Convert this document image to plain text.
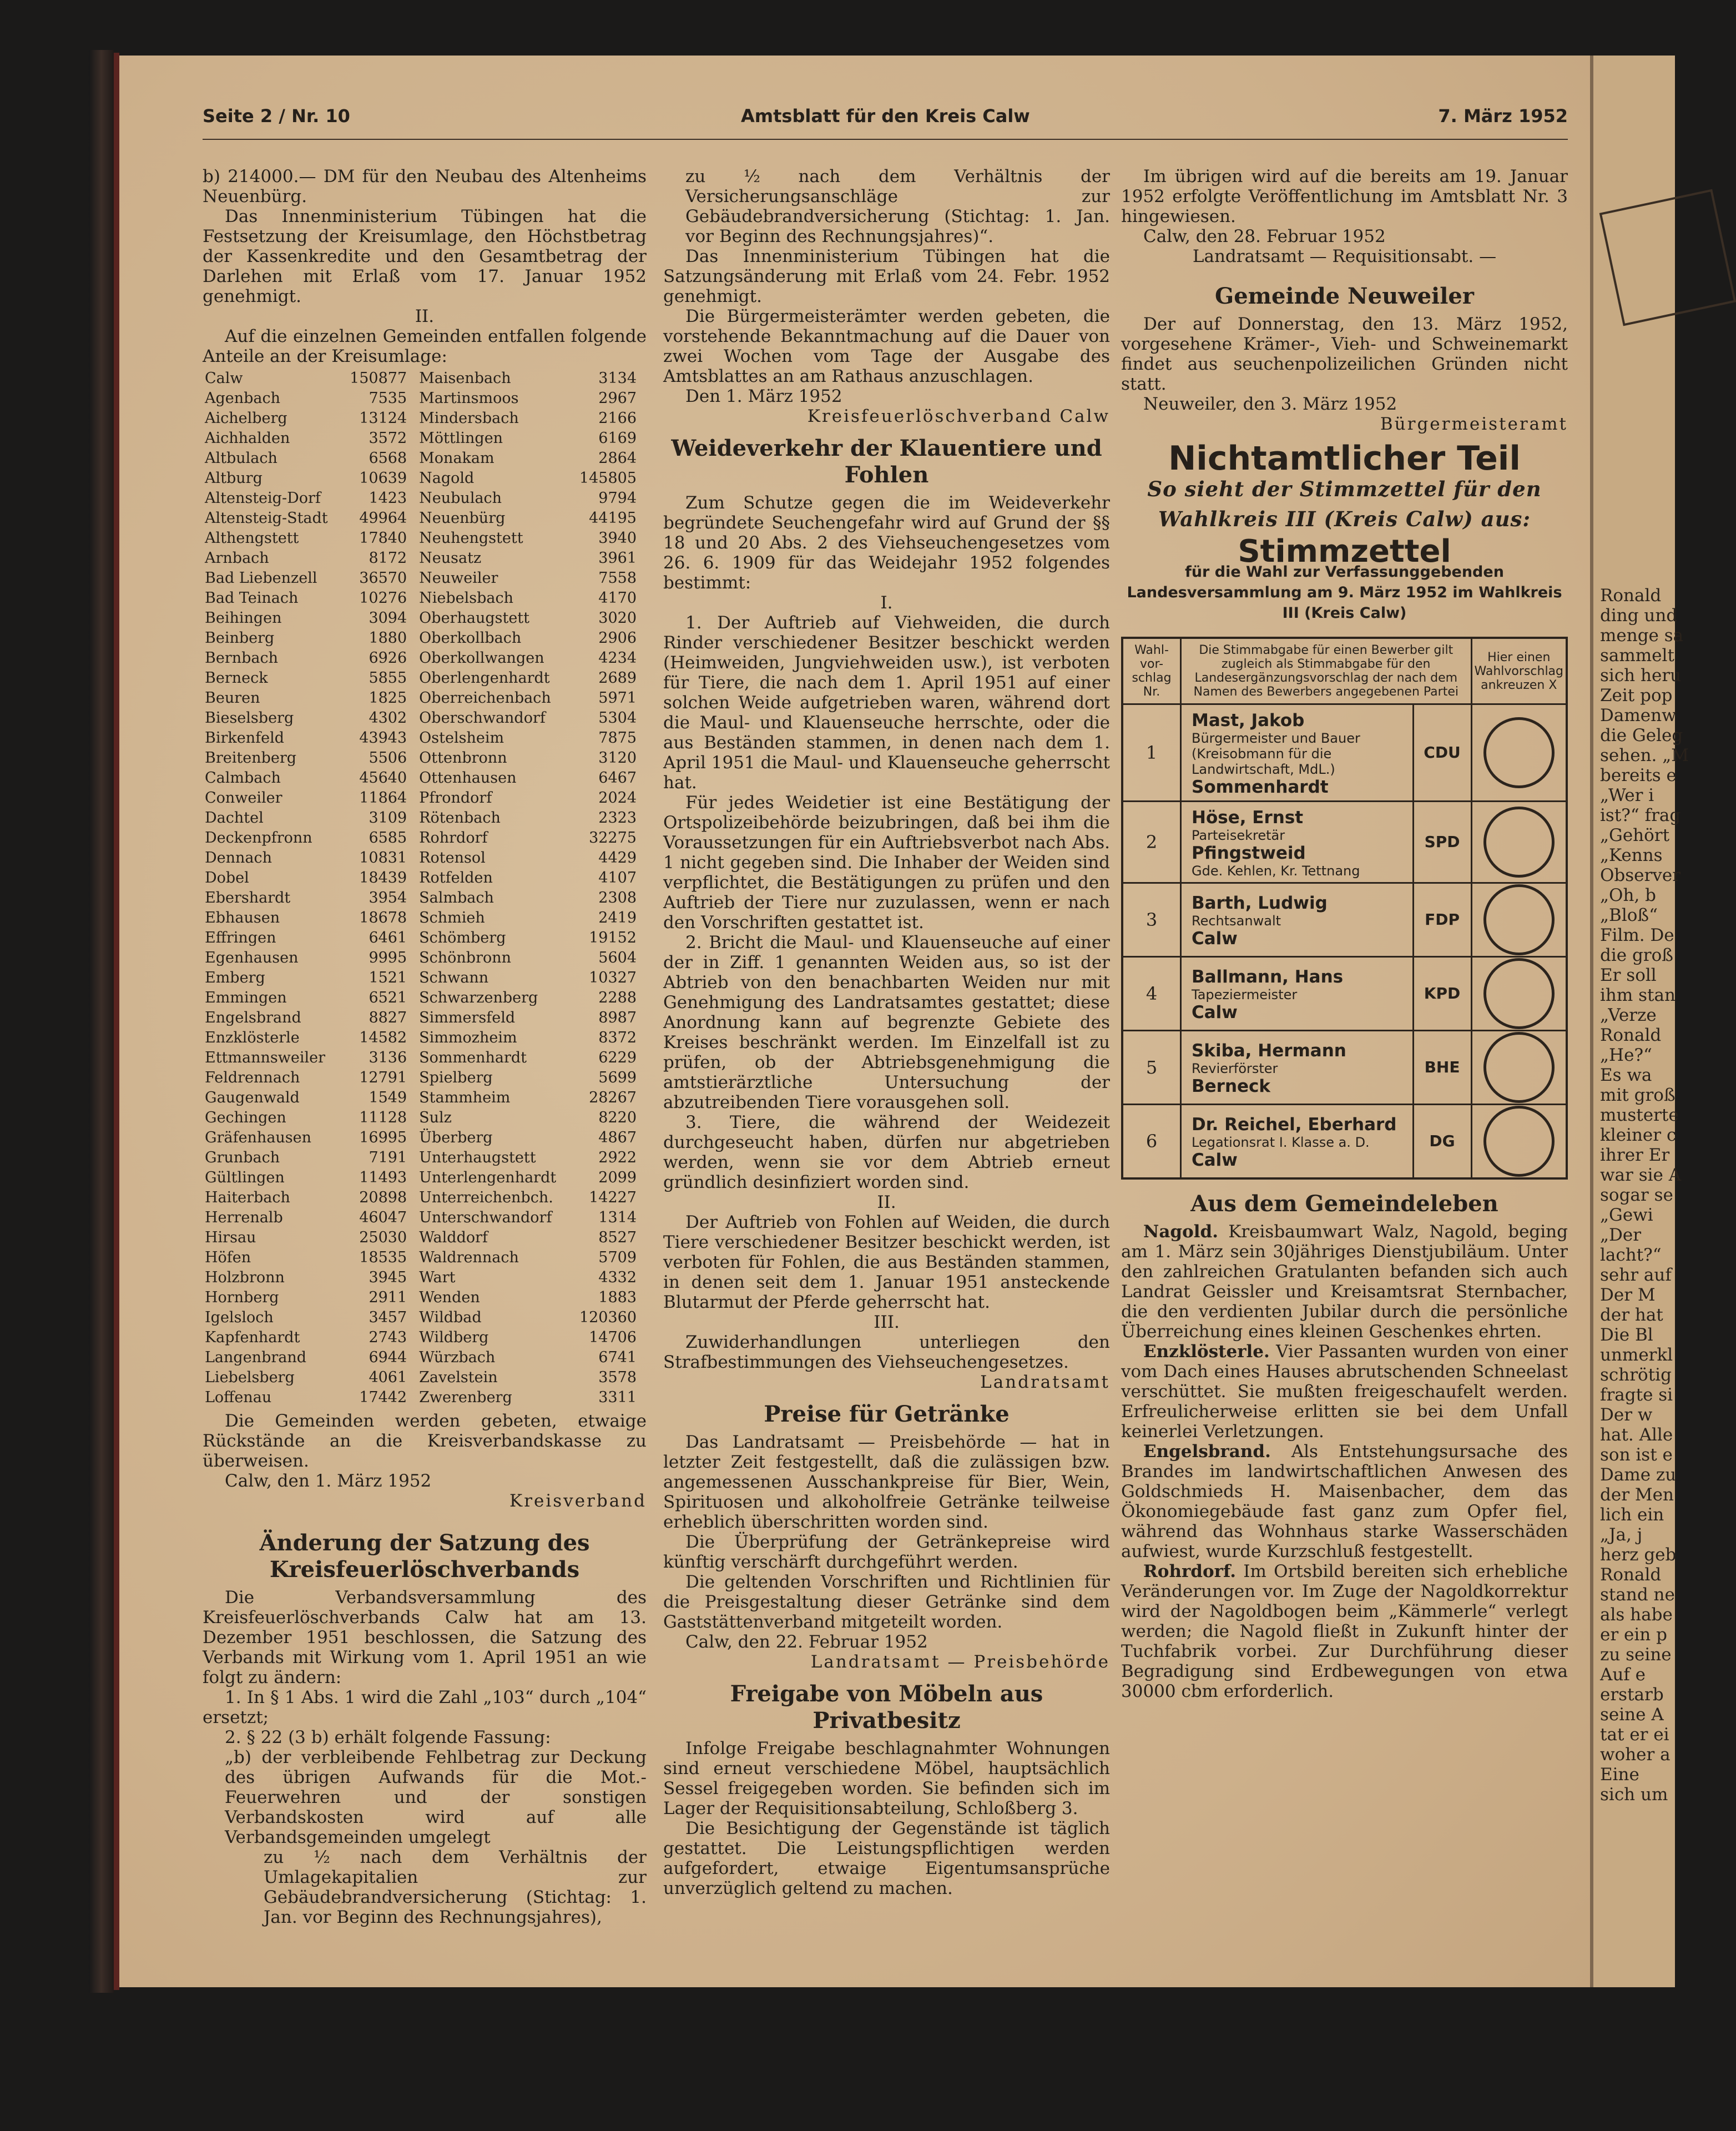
Ronald

ding und

menge sa

sammelt

sich heru

Zeit pop

Damenw

die Geleg

sehen. „M

bereits e

„Wer i

ist?“ frag

„Gehört

„Kenns

Observer

„Oh, b

„Bloß“

Film. De

die groß

Er soll

ihm stan

„Verze

Ronald

„He?“

Es wa

mit groß

musterte

kleiner c

ihrer Er

war sie A

sogar se

„Gewi

„Der

lacht?“

sehr auf

Der M

der hat

Die Bl

unmerkl

schrötig

fragte si

Der w

hat. Alle

son ist e

Dame zu

der Men

lich ein

„Ja, j

herz geb

Ronald

stand ne

als habe

er ein p

zu seine

Auf e

erstarb

seine A

tat er ei

woher a

Eine

sich um

Seite 2 / Nr. 10	Amtsblatt für den Kreis Calw	7. März 1952

b) 214000.— DM für den Neubau des Altenheims Neuenbürg.

Das Innenministerium Tübingen hat die Festsetzung der Kreisumlage, den Höchstbetrag der Kassenkredite und den Gesamtbetrag der Darlehen mit Erlaß vom 17. Januar 1952 genehmigt.

II.

Auf die einzelnen Gemeinden entfallen folgende Anteile an der Kreisumlage:

Calw	150877	Maisenbach	3134
Agenbach	7535	Martinsmoos	2967
Aichelberg	13124	Mindersbach	2166
Aichhalden	3572	Möttlingen	6169
Altbulach	6568	Monakam	2864
Altburg	10639	Nagold	145805
Altensteig-Dorf	1423	Neubulach	9794
Altensteig-Stadt	49964	Neuenbürg	44195
Althengstett	17840	Neuhengstett	3940
Arnbach	8172	Neusatz	3961
Bad Liebenzell	36570	Neuweiler	7558
Bad Teinach	10276	Niebelsbach	4170
Beihingen	3094	Oberhaugstett	3020
Beinberg	1880	Oberkollbach	2906
Bernbach	6926	Oberkollwangen	4234
Berneck	5855	Oberlengenhardt	2689
Beuren	1825	Oberreichenbach	5971
Bieselsberg	4302	Oberschwandorf	5304
Birkenfeld	43943	Ostelsheim	7875
Breitenberg	5506	Ottenbronn	3120
Calmbach	45640	Ottenhausen	6467
Conweiler	11864	Pfrondorf	2024
Dachtel	3109	Rötenbach	2323
Deckenpfronn	6585	Rohrdorf	32275
Dennach	10831	Rotensol	4429
Dobel	18439	Rotfelden	4107
Ebershardt	3954	Salmbach	2308
Ebhausen	18678	Schmieh	2419
Effringen	6461	Schömberg	19152
Egenhausen	9995	Schönbronn	5604
Emberg	1521	Schwann	10327
Emmingen	6521	Schwarzenberg	2288
Engelsbrand	8827	Simmersfeld	8987
Enzklösterle	14582	Simmozheim	8372
Ettmannsweiler	3136	Sommenhardt	6229
Feldrennach	12791	Spielberg	5699
Gaugenwald	1549	Stammheim	28267
Gechingen	11128	Sulz	8220
Gräfenhausen	16995	Überberg	4867
Grunbach	7191	Unterhaugstett	2922
Gültlingen	11493	Unterlengenhardt	2099
Haiterbach	20898	Unterreichenbch.	14227
Herrenalb	46047	Unterschwandorf	1314
Hirsau	25030	Walddorf	8527
Höfen	18535	Waldrennach	5709
Holzbronn	3945	Wart	4332
Hornberg	2911	Wenden	1883
Igelsloch	3457	Wildbad	120360
Kapfenhardt	2743	Wildberg	14706
Langenbrand	6944	Würzbach	6741
Liebelsberg	4061	Zavelstein	3578
Loffenau	17442	Zwerenberg	3311

Die Gemeinden werden gebeten, etwaige Rückstände an die Kreisverbandskasse zu überweisen.

Calw, den 1. März 1952

Kreisverband

Änderung der Satzung des Kreisfeuerlöschverbands

Die Verbandsversammlung des Kreisfeuerlöschverbands Calw hat am 13. Dezember 1951 beschlossen, die Satzung des Verbands mit Wirkung vom 1. April 1951 an wie folgt zu ändern:

1. In § 1 Abs. 1 wird die Zahl „103“ durch „104“ ersetzt;

2. § 22 (3 b) erhält folgende Fassung:

„b) der verbleibende Fehlbetrag zur Deckung des übrigen Aufwands für die Mot.-Feuerwehren und der sonstigen Verbandskosten wird auf alle Verbandsgemeinden umgelegt

zu ½ nach dem Verhältnis der Umlagekapitalien zur Gebäudebrandversicherung (Stichtag: 1. Jan. vor Beginn des Rechnungsjahres),

zu ½ nach dem Verhältnis der Versicherungsanschläge zur Gebäudebrandversicherung (Stichtag: 1. Jan. vor Beginn des Rechnungsjahres)“.

Das Innenministerium Tübingen hat die Satzungsänderung mit Erlaß vom 24. Febr. 1952 genehmigt.

Die Bürgermeisterämter werden gebeten, die vorstehende Bekanntmachung auf die Dauer von zwei Wochen vom Tage der Ausgabe des Amtsblattes an am Rathaus anzuschlagen.

Den 1. März 1952

Kreisfeuerlöschverband Calw

Weideverkehr der Klauentiere und Fohlen

Zum Schutze gegen die im Weideverkehr begründete Seuchengefahr wird auf Grund der §§ 18 und 20 Abs. 2 des Viehseuchengesetzes vom 26. 6. 1909 für das Weidejahr 1952 folgendes bestimmt:

I.

1. Der Auftrieb auf Viehweiden, die durch Rinder verschiedener Besitzer beschickt werden (Heimweiden, Jungviehweiden usw.), ist verboten für Tiere, die nach dem 1. April 1951 auf einer solchen Weide aufgetrieben waren, während dort die Maul- und Klauenseuche herrschte, oder die aus Beständen stammen, in denen nach dem 1. April 1951 die Maul- und Klauenseuche geherrscht hat.

Für jedes Weidetier ist eine Bestätigung der Ortspolizeibehörde beizubringen, daß bei ihm die Voraussetzungen für ein Auftriebsverbot nach Abs. 1 nicht gegeben sind. Die Inhaber der Weiden sind verpflichtet, die Bestätigungen zu prüfen und den Auftrieb der Tiere nur zuzulassen, wenn er nach den Vorschriften gestattet ist.

2. Bricht die Maul- und Klauenseuche auf einer der in Ziff. 1 genannten Weiden aus, so ist der Abtrieb von den benachbarten Weiden nur mit Genehmigung des Landratsamtes gestattet; diese Anordnung kann auf begrenzte Gebiete des Kreises beschränkt werden. Im Einzelfall ist zu prüfen, ob der Abtriebsgenehmigung die amtstierärztliche Untersuchung der abzutreibenden Tiere vorausgehen soll.

3. Tiere, die während der Weidezeit durchgeseucht haben, dürfen nur abgetrieben werden, wenn sie vor dem Abtrieb erneut gründlich desinfiziert worden sind.

II.

Der Auftrieb von Fohlen auf Weiden, die durch Tiere verschiedener Besitzer beschickt werden, ist verboten für Fohlen, die aus Beständen stammen, in denen seit dem 1. Januar 1951 ansteckende Blutarmut der Pferde geherrscht hat.

III.

Zuwiderhandlungen unterliegen den Strafbestimmungen des Viehseuchengesetzes.

Landratsamt

Preise für Getränke

Das Landratsamt — Preisbehörde — hat in letzter Zeit festgestellt, daß die zulässigen bzw. angemessenen Ausschankpreise für Bier, Wein, Spirituosen und alkoholfreie Getränke teilweise erheblich überschritten worden sind.

Die Überprüfung der Getränkepreise wird künftig verschärft durchgeführt werden.

Die geltenden Vorschriften und Richtlinien für die Preisgestaltung dieser Getränke sind dem Gaststättenverband mitgeteilt worden.

Calw, den 22. Februar 1952

Landratsamt — Preisbehörde

Freigabe von Möbeln aus Privatbesitz

Infolge Freigabe beschlagnahmter Wohnungen sind erneut verschiedene Möbel, hauptsächlich Sessel freigegeben worden. Sie befinden sich im Lager der Requisitionsabteilung, Schloßberg 3.

Die Besichtigung der Gegenstände ist täglich gestattet. Die Leistungspflichtigen werden aufgefordert, etwaige Eigentumsansprüche unverzüglich geltend zu machen.

Im übrigen wird auf die bereits am 19. Januar 1952 erfolgte Veröffentlichung im Amtsblatt Nr. 3 hingewiesen.

Calw, den 28. Februar 1952

Landratsamt — Requisitionsabt. —

Gemeinde Neuweiler

Der auf Donnerstag, den 13. März 1952, vorgesehene Krämer-, Vieh- und Schweinemarkt findet aus seuchenpolizeilichen Gründen nicht statt.

Neuweiler, den 3. März 1952

Bürgermeisteramt

Nichtamtlicher Teil
So sieht der Stimmzettel für den Wahlkreis III (Kreis Calw) aus:
Stimmzettel
für die Wahl zur Verfassunggebenden Landesversammlung am 9. März 1952 im Wahlkreis III (Kreis Calw)
Wahl-vor-schlag Nr.	Die Stimmabgabe für einen Bewerber gilt zugleich als Stimmabgabe für den Landesergänzungsvorschlag der nach dem Namen des Bewerbers angegebenen Partei		Hier einen Wahlvorschlag ankreuzen X
1	Mast, Jakob
Bürgermeister und Bauer
(Kreisobmann für die Landwirtschaft, MdL.)
Sommenhardt	CDU	
2	Höse, Ernst
Parteisekretär
Pfingstweid
Gde. Kehlen, Kr. Tettnang	SPD	
3	Barth, Ludwig
Rechtsanwalt
Calw	FDP	
4	Ballmann, Hans
Tapeziermeister
Calw	KPD	
5	Skiba, Hermann
Revierförster
Berneck	BHE	
6	Dr. Reichel, Eberhard
Legationsrat I. Klasse a. D.
Calw	DG	

Aus dem Gemeindeleben

Nagold. Kreisbaumwart Walz, Nagold, beging am 1. März sein 30jähriges Dienstjubiläum. Unter den zahlreichen Gratulanten befanden sich auch Landrat Geissler und Kreisamtsrat Sternbacher, die den verdienten Jubilar durch die persönliche Überreichung eines kleinen Geschenkes ehrten.

Enzklösterle. Vier Passanten wurden von einer vom Dach eines Hauses abrutschenden Schneelast verschüttet. Sie mußten freigeschaufelt werden. Erfreulicherweise erlitten sie bei dem Unfall keinerlei Verletzungen.

Engelsbrand. Als Entstehungsursache des Brandes im landwirtschaftlichen Anwesen des Goldschmieds H. Maisenbacher, dem das Ökonomiegebäude fast ganz zum Opfer fiel, während das Wohnhaus starke Wasserschäden aufwiest, wurde Kurzschluß festgestellt.

Rohrdorf. Im Ortsbild bereiten sich erhebliche Veränderungen vor. Im Zuge der Nagoldkorrektur wird der Nagoldbogen beim „Kämmerle“ verlegt werden; die Nagold fließt in Zukunft hinter der Tuchfabrik vorbei. Zur Durchführung dieser Begradigung sind Erdbewegungen von etwa 30000 cbm erforderlich.
